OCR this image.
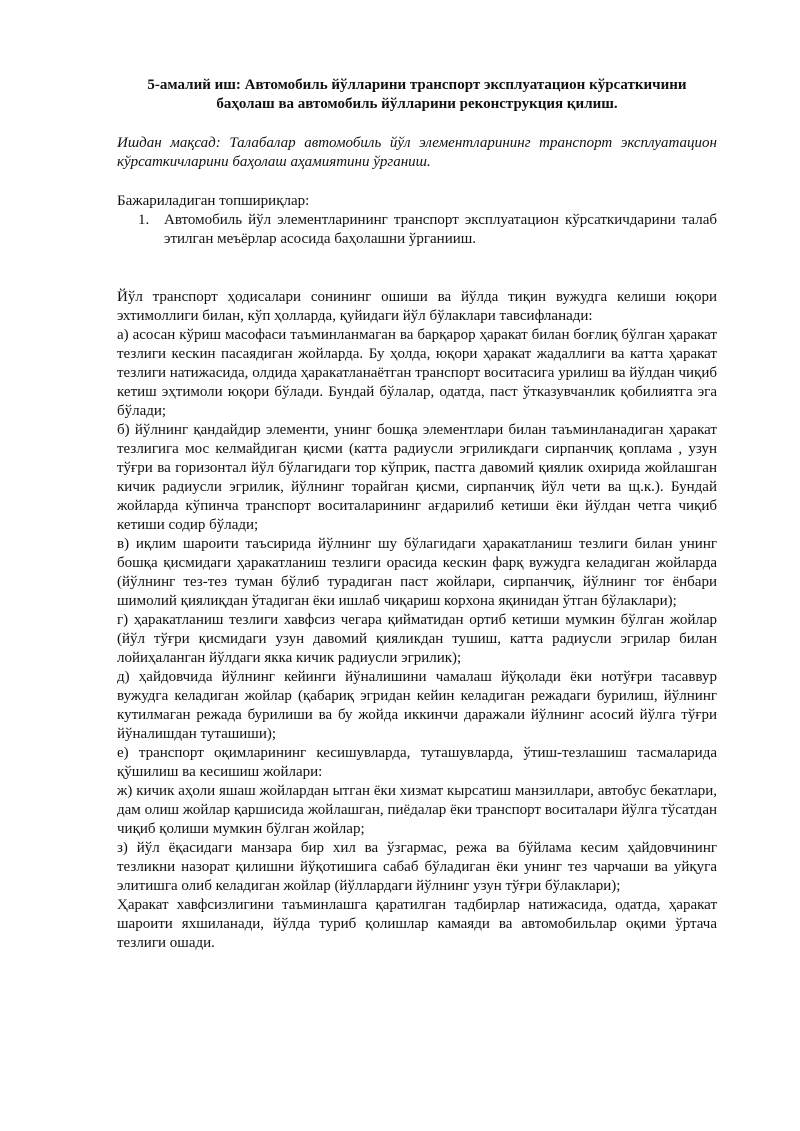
5-амалий иш: Автомобиль йўлларини транспорт эксплуатацион кўрсаткичини
баҳолаш ва автомобиль йўлларини реконструкция қилиш.

Ишдан мақсад: Талабалар автомобиль йўл элементларининг транспорт эксплуатацион кўрсаткичларини баҳолаш аҳамиятини ўрганиш.

Бажариладиган топшириқлар:

1. Автомобиль йўл элементларининг транспорт эксплуатацион кўрсаткичдарини талаб этилган меъёрлар асосида баҳолашни ўрганииш.

Йўл транспорт ҳодисалари сонининг ошиши ва йўлда тиқин вужудга келиши юқори эхтимоллиги билан, кўп ҳолларда, қуйидаги йўл бўлаклари тавсифланади:

а) асосан кўриш масофаси таъминланмаган ва барқарор ҳаракат билан боғлиқ бўлган ҳаракат тезлиги кескин пасаядиган жойларда. Бу ҳолда, юқори ҳаракат жадаллиги ва катта ҳаракат тезлиги натижасида, олдида ҳаракатланаётган транспорт воситасига урилиш ва йўлдан чиқиб кетиш эҳтимоли юқори бўлади. Бундай бўлалар, одатда, паст ўтказувчанлик қобилиятга эга бўлади;

б) йўлнинг қандайдир элементи, унинг бошқа элементлари билан таъминланадиган ҳаракат тезлигига мос келмайдиган қисми (катта радиусли эгриликдаги сирпанчиқ қоплама , узун тўғри ва горизонтал йўл бўлагидаги тор кўприк, пастга давомий қиялик охирида жойлашган кичик радиусли эгрилик, йўлнинг торайган қисми, сирпанчиқ йўл чети ва щ.к.). Бундай жойларда кўпинча транспорт воситаларининг ағдарилиб кетиши ёки йўлдан четга чиқиб кетиши содир бўлади;

в) иқлим шароити таъсирида йўлнинг шу бўлагидаги ҳаракатланиш тезлиги билан унинг бошқа қисмидаги ҳаракатланиш тезлиги орасида кескин фарқ вужудга келадиган жойларда (йўлнинг тез-тез туман бўлиб турадиган паст жойлари, сирпанчиқ, йўлнинг тоғ ёнбари шимолий қиялиқдан ўтадиган ёки ишлаб чиқариш корхона яқинидан ўтган бўлаклари);

г) ҳаракатланиш тезлиги хавфсиз чегара қийматидан ортиб кетиши мумкин бўлган жойлар (йўл тўғри қисмидаги узун давомий қияликдан тушиш, катта радиусли эгрилар билан лойиҳаланган йўлдаги якка кичик радиусли эгрилик);

д) ҳайдовчида йўлнинг кейинги йўналишини чамалаш йўқолади ёки нотўғри тасаввур вужудга келадиган жойлар (қабариқ эгридан кейин келадиган режадаги бурилиш, йўлнинг кутилмаган режада бурилиши ва бу жойда иккинчи даражали йўлнинг асосий йўлга тўғри йўналишдан туташиши);

е) транспорт оқимларининг кесишувларда, туташувларда, ўтиш-тезлашиш тасмаларида қўшилиш ва кесишиш жойлари:

ж) кичик аҳоли яшаш жойлардан ытган ёки хизмат кырсатиш манзиллари, автобус бекатлари, дам олиш жойлар қаршисида жойлашган, пиёдалар ёки транспорт воситалари йўлга тўсатдан чиқиб қолиши мумкин бўлган жойлар;

з) йўл ёқасидаги манзара бир хил ва ўзгармас, режа ва бўйлама кесим ҳайдовчининг тезликни назорат қилишни йўқотишига сабаб бўладиган ёки унинг тез чарчаши ва уйқуга элитишга олиб келадиган жойлар (йўллардаги йўлнинг узун тўғри бўлаклари);

Ҳаракат хавфсизлигини таъминлашга қаратилган тадбирлар натижасида, одатда, ҳаракат шароити яхшиланади, йўлда туриб қолишлар камаяди ва автомобильлар оқими ўртача тезлиги ошади.
